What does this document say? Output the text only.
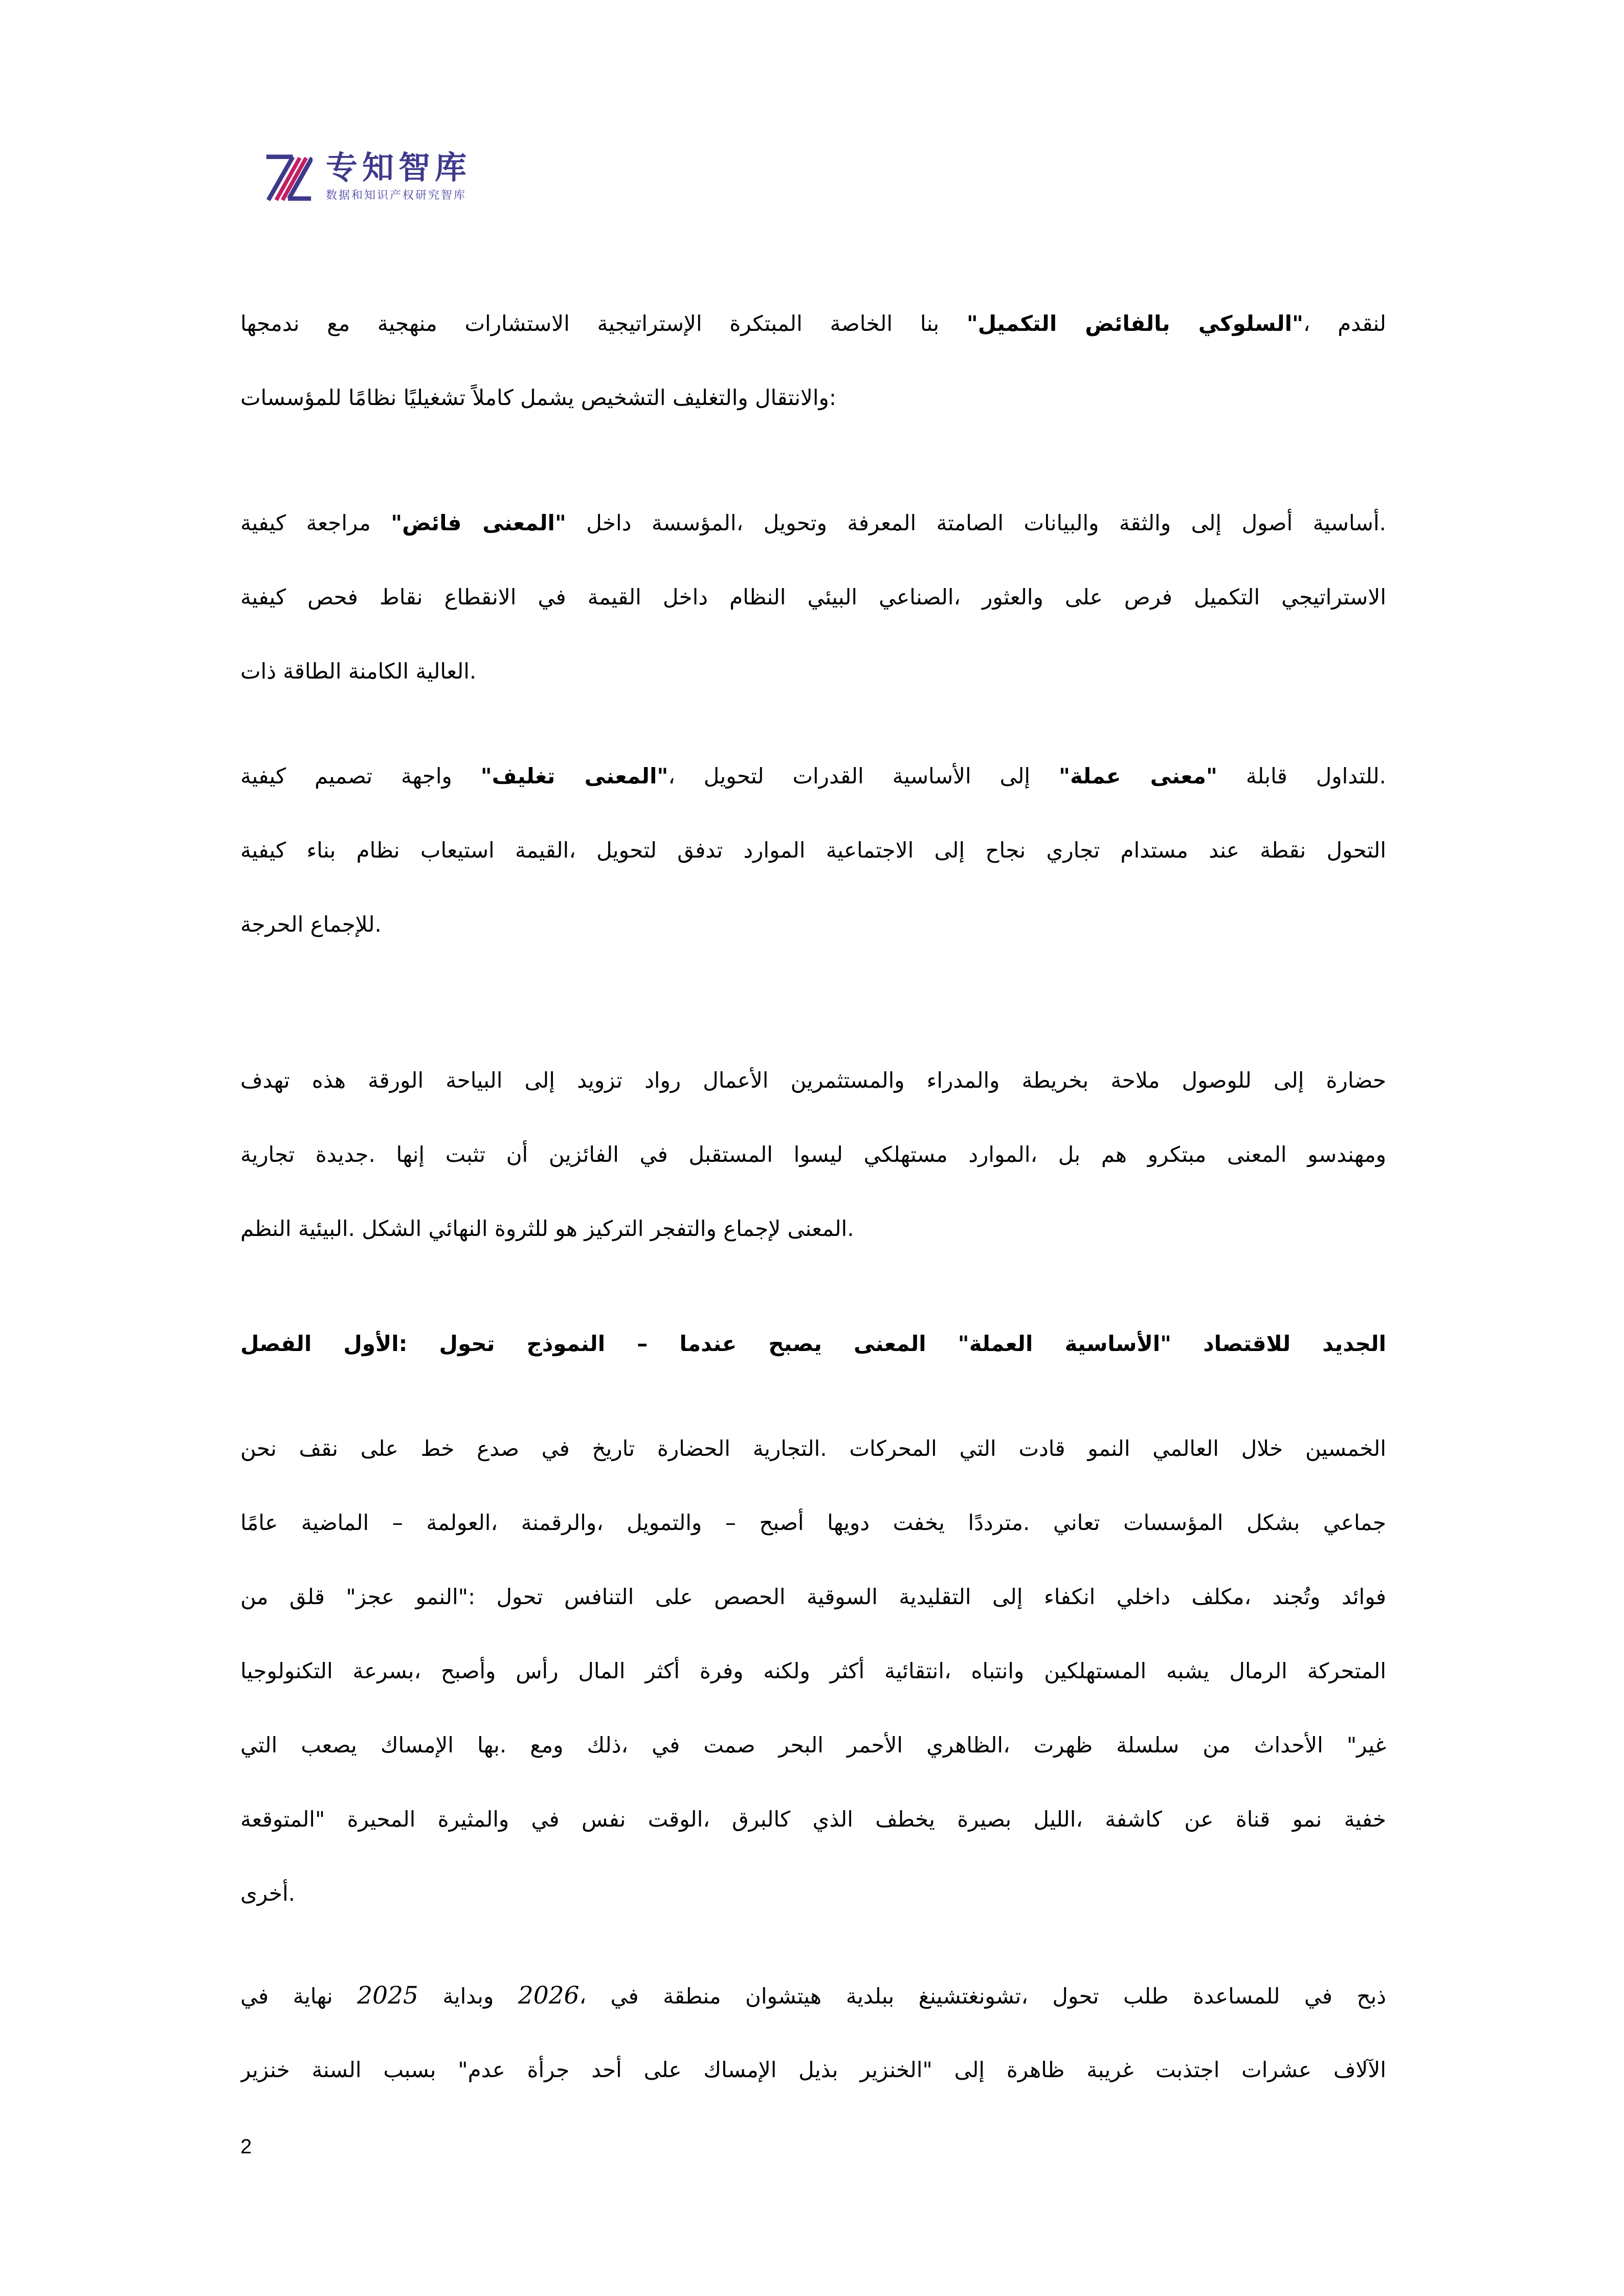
专知智库
数据和知识产权研究智库
لنقدم ،"السلوكي بالفائض التكميل" بنا الخاصة المبتكرة الإستراتيجية الاستشارات منهجية مع ندمجها
:والانتقال والتغليف التشخيص يشمل كاملاً تشغيليًا نظامًا للمؤسسات
.أساسية أصول إلى والثقة والبيانات الصامتة المعرفة وتحويل ،المؤسسة داخل "المعنى فائض" مراجعة كيفية
الاستراتيجي التكميل فرص على والعثور ،الصناعي البيئي النظام داخل القيمة في الانقطاع نقاط فحص كيفية
.العالية الكامنة الطاقة ذات
.للتداول قابلة "معنى عملة" إلى الأساسية القدرات لتحويل ،"المعنى تغليف" واجهة تصميم كيفية
التحول نقطة عند مستدام تجاري نجاح إلى الاجتماعية الموارد تدفق لتحويل ،القيمة استيعاب نظام بناء كيفية
.للإجماع الحرجة
حضارة إلى للوصول ملاحة بخريطة والمدراء والمستثمرين الأعمال رواد تزويد إلى البياحة الورقة هذه تهدف
ومهندسو المعنى مبتكرو هم بل ،الموارد مستهلكي ليسوا المستقبل في الفائزين أن تثبت إنها .جديدة تجارية
.المعنى لإجماع والتفجر التركيز هو للثروة النهائي الشكل .البيئية النظم
الجديد للاقتصاد "الأساسية العملة" المعنى يصبح عندما – النموذج تحول :الأول الفصل
الخمسين خلال العالمي النمو قادت التي المحركات .التجارية الحضارة تاريخ في صدع خط على نقف نحن
جماعي بشكل المؤسسات تعاني .مترددًا يخفت دويها أصبح – والتمويل ،والرقمنة ،العولمة – الماضية عامًا
فوائد وتُجند ،مكلف داخلي انكفاء إلى التقليدية السوقية الحصص على التنافس تحول :"النمو عجز" قلق من
المتحركة الرمال يشبه المستهلكين وانتباه ،انتقائية أكثر ولكنه وفرة أكثر المال رأس وأصبح ،بسرعة التكنولوجيا
غير" الأحداث من سلسلة ظهرت ،الظاهري الأحمر البحر صمت في ،ذلك ومع .بها الإمساك يصعب التي
خفية نمو قناة عن كاشفة ،الليل بصيرة يخطف الذي كالبرق ،الوقت نفس في والمثيرة المحيرة "المتوقعة
.أخرى
ذبح في للمساعدة طلب تحول ،تشونغتشينغ ببلدية هيتشوان منطقة في ،2026 وبداية 2025 نهاية في
الآلاف عشرات اجتذبت غريبة ظاهرة إلى "الخنزير بذيل الإمساك على أحد جرأة عدم" بسبب السنة خنزير
2
